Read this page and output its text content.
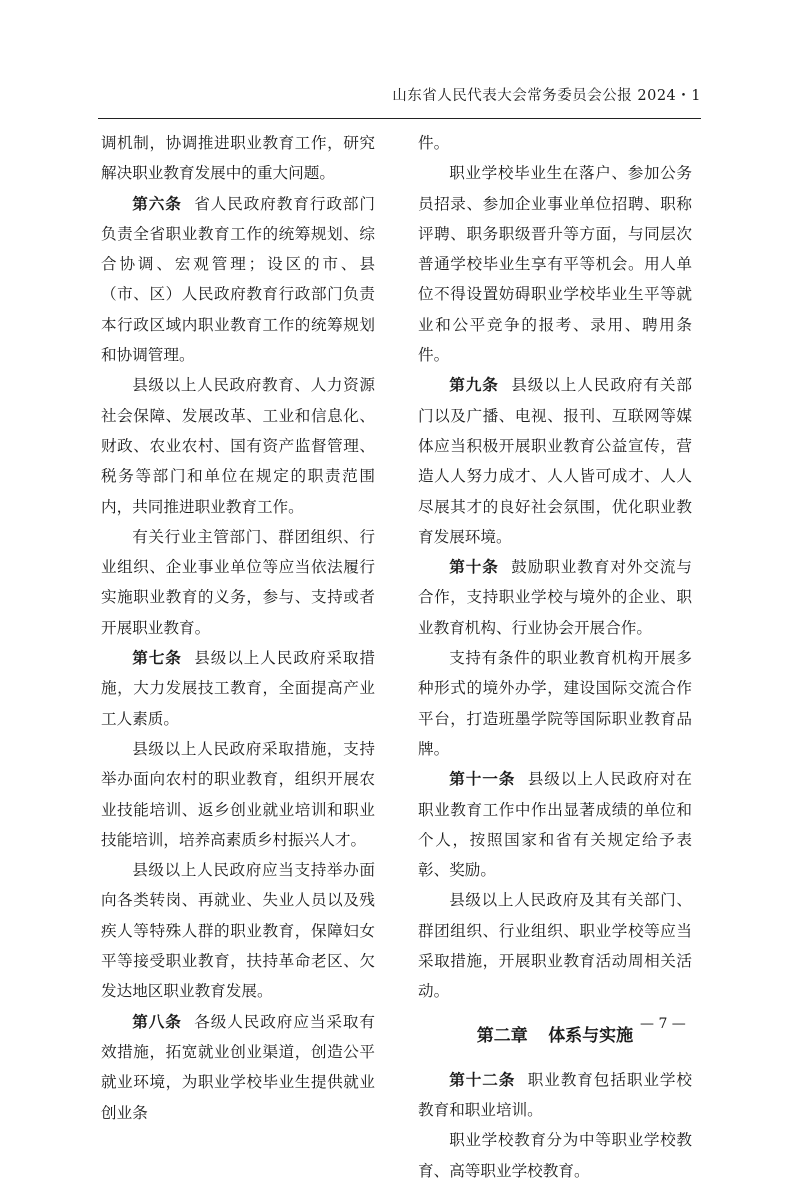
山东省人民代表大会常务委员会公报 2024・1

调机制，协调推进职业教育工作，研究解决职业教育发展中的重大问题。

第六条 省人民政府教育行政部门负责全省职业教育工作的统筹规划、综合协调、宏观管理；设区的市、县（市、区）人民政府教育行政部门负责本行政区域内职业教育工作的统筹规划和协调管理。

县级以上人民政府教育、人力资源社会保障、发展改革、工业和信息化、财政、农业农村、国有资产监督管理、税务等部门和单位在规定的职责范围内，共同推进职业教育工作。

有关行业主管部门、群团组织、行业组织、企业事业单位等应当依法履行实施职业教育的义务，参与、支持或者开展职业教育。

第七条 县级以上人民政府采取措施，大力发展技工教育，全面提高产业工人素质。

县级以上人民政府采取措施，支持举办面向农村的职业教育，组织开展农业技能培训、返乡创业就业培训和职业技能培训，培养高素质乡村振兴人才。

县级以上人民政府应当支持举办面向各类转岗、再就业、失业人员以及残疾人等特殊人群的职业教育，保障妇女平等接受职业教育，扶持革命老区、欠发达地区职业教育发展。

第八条 各级人民政府应当采取有效措施，拓宽就业创业渠道，创造公平就业环境，为职业学校毕业生提供就业创业条

件。

职业学校毕业生在落户、参加公务员招录、参加企业事业单位招聘、职称评聘、职务职级晋升等方面，与同层次普通学校毕业生享有平等机会。用人单位不得设置妨碍职业学校毕业生平等就业和公平竞争的报考、录用、聘用条件。

第九条 县级以上人民政府有关部门以及广播、电视、报刊、互联网等媒体应当积极开展职业教育公益宣传，营造人人努力成才、人人皆可成才、人人尽展其才的良好社会氛围，优化职业教育发展环境。

第十条 鼓励职业教育对外交流与合作，支持职业学校与境外的企业、职业教育机构、行业协会开展合作。

支持有条件的职业教育机构开展多种形式的境外办学，建设国际交流合作平台，打造班墨学院等国际职业教育品牌。

第十一条 县级以上人民政府对在职业教育工作中作出显著成绩的单位和个人，按照国家和省有关规定给予表彰、奖励。

县级以上人民政府及其有关部门、群团组织、行业组织、职业学校等应当采取措施，开展职业教育活动周相关活动。

第二章 体系与实施

第十二条 职业教育包括职业学校教育和职业培训。

职业学校教育分为中等职业学校教育、高等职业学校教育。

— 7 —
